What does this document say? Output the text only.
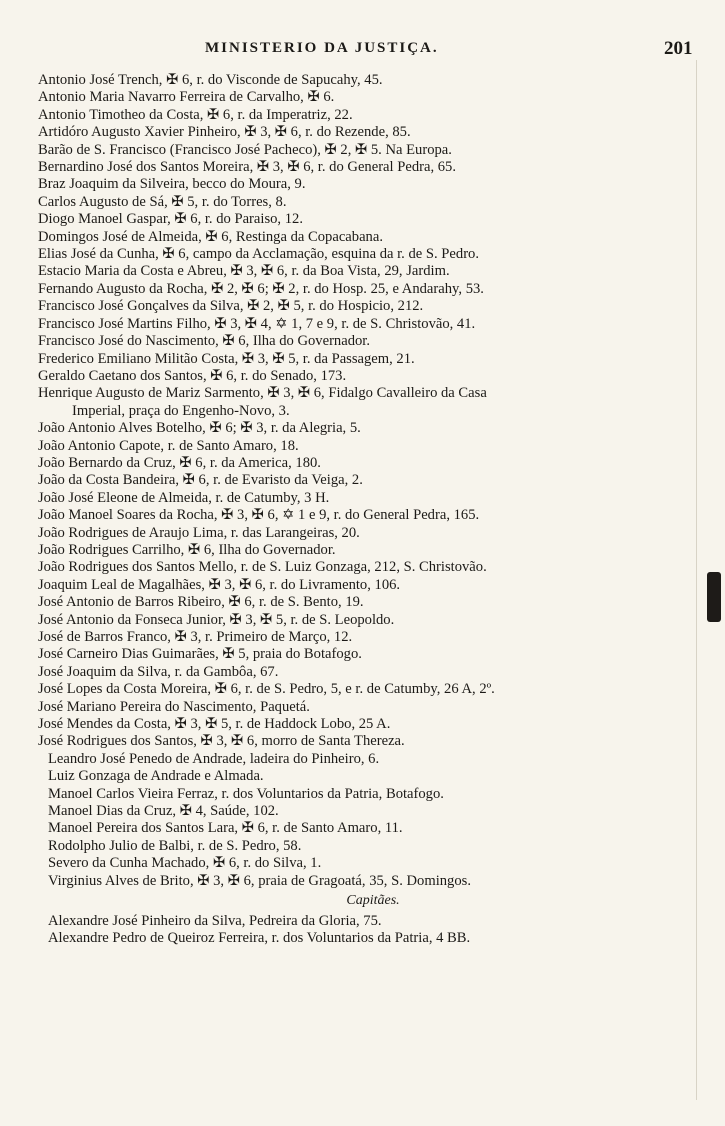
MINISTERIO DA JUSTIÇA.	201
Antonio José Trench, ✠ 6, r. do Visconde de Sapucahy, 45.
Antonio Maria Navarro Ferreira de Carvalho, ✠ 6.
Antonio Timotheo da Costa, ✠ 6, r. da Imperatriz, 22.
Artidóro Augusto Xavier Pinheiro, ✠ 3, ✠ 6, r. do Rezende, 85.
Barão de S. Francisco (Francisco José Pacheco), ✠ 2, ✠ 5. Na Europa.
Bernardino José dos Santos Moreira, ✠ 3, ✠ 6, r. do General Pedra, 65.
Braz Joaquim da Silveira, becco do Moura, 9.
Carlos Augusto de Sá, ✠ 5, r. do Torres, 8.
Diogo Manoel Gaspar, ✠ 6, r. do Paraiso, 12.
Domingos José de Almeida, ✠ 6, Restinga da Copacabana.
Elias José da Cunha, ✠ 6, campo da Acclamação, esquina da r. de S. Pedro.
Estacio Maria da Costa e Abreu, ✠ 3, ✠ 6, r. da Boa Vista, 29, Jardim.
Fernando Augusto da Rocha, ✠ 2, ✠ 6; ✠ 2, r. do Hosp. 25, e Andarahy, 53.
Francisco José Gonçalves da Silva, ✠ 2, ✠ 5, r. do Hospicio, 212.
Francisco José Martins Filho, ✠ 3, ✠ 4, ✡ 1, 7 e 9, r. de S. Christovão, 41.
Francisco José do Nascimento, ✠ 6, Ilha do Governador.
Frederico Emiliano Militão Costa, ✠ 3, ✠ 5, r. da Passagem, 21.
Geraldo Caetano dos Santos, ✠ 6, r. do Senado, 173.
Henrique Augusto de Mariz Sarmento, ✠ 3, ✠ 6, Fidalgo Cavalleiro da Casa
Imperial, praça do Engenho-Novo, 3.
João Antonio Alves Botelho, ✠ 6; ✠ 3, r. da Alegria, 5.
João Antonio Capote, r. de Santo Amaro, 18.
João Bernardo da Cruz, ✠ 6, r. da America, 180.
João da Costa Bandeira, ✠ 6, r. de Evaristo da Veiga, 2.
João José Eleone de Almeida, r. de Catumby, 3 H.
João Manoel Soares da Rocha, ✠ 3, ✠ 6, ✡ 1 e 9, r. do General Pedra, 165.
João Rodrigues de Araujo Lima, r. das Larangeiras, 20.
João Rodrigues Carrilho, ✠ 6, Ilha do Governador.
João Rodrigues dos Santos Mello, r. de S. Luiz Gonzaga, 212, S. Christovão.
Joaquim Leal de Magalhães, ✠ 3, ✠ 6, r. do Livramento, 106.
José Antonio de Barros Ribeiro, ✠ 6, r. de S. Bento, 19.
José Antonio da Fonseca Junior, ✠ 3, ✠ 5, r. de S. Leopoldo.
José de Barros Franco, ✠ 3, r. Primeiro de Março, 12.
José Carneiro Dias Guimarães, ✠ 5, praia do Botafogo.
José Joaquim da Silva, r. da Gambôa, 67.
José Lopes da Costa Moreira, ✠ 6, r. de S. Pedro, 5, e r. de Catumby, 26 A, 2º.
José Mariano Pereira do Nascimento, Paquetá.
José Mendes da Costa, ✠ 3, ✠ 5, r. de Haddock Lobo, 25 A.
José Rodrigues dos Santos, ✠ 3, ✠ 6, morro de Santa Thereza.
Leandro José Penedo de Andrade, ladeira do Pinheiro, 6.
Luiz Gonzaga de Andrade e Almada.
Manoel Carlos Vieira Ferraz, r. dos Voluntarios da Patria, Botafogo.
Manoel Dias da Cruz, ✠ 4, Saúde, 102.
Manoel Pereira dos Santos Lara, ✠ 6, r. de Santo Amaro, 11.
Rodolpho Julio de Balbi, r. de S. Pedro, 58.
Severo da Cunha Machado, ✠ 6, r. do Silva, 1.
Virginius Alves de Brito, ✠ 3, ✠ 6, praia de Gragoatá, 35, S. Domingos.
Capitães.
Alexandre José Pinheiro da Silva, Pedreira da Gloria, 75.
Alexandre Pedro de Queiroz Ferreira, r. dos Voluntarios da Patria, 4 BB.
